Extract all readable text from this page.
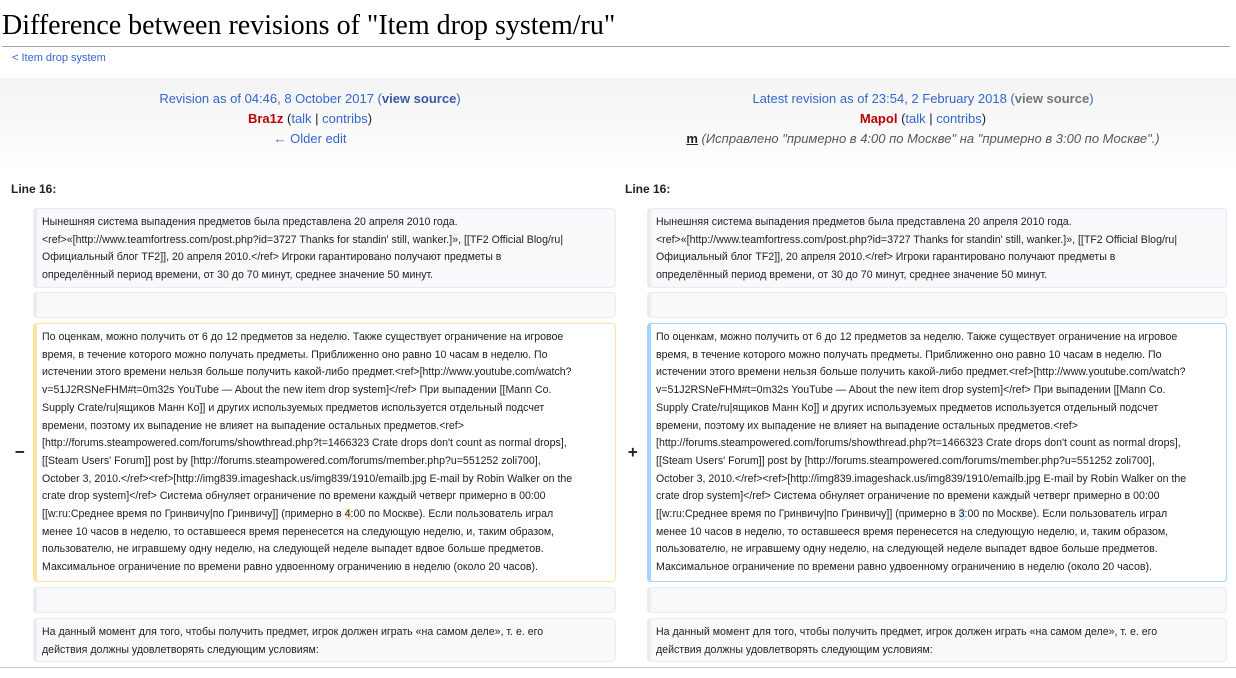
Difference between revisions of "Item drop system/ru"
< Item drop system
Revision as of 04:46, 8 October 2017 (view source)
Bra1z (talk | contribs)
← Older edit
Latest revision as of 23:54, 2 February 2018 (view source)
Mapol (talk | contribs)
m (Исправлено "примерно в 4:00 по Москве" на "примерно в 3:00 по Москве".)
Line 16:	Line 16:
Нынешняя система выпадения предметов была представлена 20 апреля 2010 года.
<ref>«[http://www.teamfortress.com/post.php?id=3727 Thanks for standin' still, wanker.]», [[TF2 Official Blog/ru|
Официальный блог TF2]], 20 апреля 2010.</ref> Игроки гарантировано получают предметы в
определённый период времени, от 30 до 70 минут, среднее значение 50 минут.
Нынешняя система выпадения предметов была представлена 20 апреля 2010 года.
<ref>«[http://www.teamfortress.com/post.php?id=3727 Thanks for standin' still, wanker.]», [[TF2 Official Blog/ru|
Официальный блог TF2]], 20 апреля 2010.</ref> Игроки гарантировано получают предметы в
определённый период времени, от 30 до 70 минут, среднее значение 50 минут.
−
По оценкам, можно получить от 6 до 12 предметов за неделю. Также существует ограничение на игровое
время, в течение которого можно получать предметы. Приближенно оно равно 10 часам в неделю. По
истечении этого времени нельзя больше получить какой-либо предмет.<ref>[http://www.youtube.com/watch?
v=51J2RSNeFHM#t=0m32s YouTube — About the new item drop system]</ref> При выпадении [[Mann Co.
Supply Crate/ru|ящиков Манн Ко]] и других используемых предметов используется отдельный подсчет
времени, поэтому их выпадение не влияет на выпадение остальных предметов.<ref>
[http://forums.steampowered.com/forums/showthread.php?t=1466323 Crate drops don't count as normal drops],
[[Steam Users' Forum]] post by [http://forums.steampowered.com/forums/member.php?u=551252 zoli700],
October 3, 2010.</ref><ref>[http://img839.imageshack.us/img839/1910/emailb.jpg E-mail by Robin Walker on the
crate drop system]</ref> Система обнуляет ограничение по времени каждый четверг примерно в 00:00
[[w:ru:Среднее время по Гринвичу|по Гринвичу]] (примерно в 4:00 по Москве). Если пользователь играл
менее 10 часов в неделю, то оставшееся время перенесется на следующую неделю, и, таким образом,
пользователю, не игравшему одну неделю, на следующей неделе выпадет вдвое больше предметов.
Максимальное ограничение по времени равно удвоенному ограничению в неделю (около 20 часов).
+
По оценкам, можно получить от 6 до 12 предметов за неделю. Также существует ограничение на игровое
время, в течение которого можно получать предметы. Приближенно оно равно 10 часам в неделю. По
истечении этого времени нельзя больше получить какой-либо предмет.<ref>[http://www.youtube.com/watch?
v=51J2RSNeFHM#t=0m32s YouTube — About the new item drop system]</ref> При выпадении [[Mann Co.
Supply Crate/ru|ящиков Манн Ко]] и других используемых предметов используется отдельный подсчет
времени, поэтому их выпадение не влияет на выпадение остальных предметов.<ref>
[http://forums.steampowered.com/forums/showthread.php?t=1466323 Crate drops don't count as normal drops],
[[Steam Users' Forum]] post by [http://forums.steampowered.com/forums/member.php?u=551252 zoli700],
October 3, 2010.</ref><ref>[http://img839.imageshack.us/img839/1910/emailb.jpg E-mail by Robin Walker on the
crate drop system]</ref> Система обнуляет ограничение по времени каждый четверг примерно в 00:00
[[w:ru:Среднее время по Гринвичу|по Гринвичу]] (примерно в 3:00 по Москве). Если пользователь играл
менее 10 часов в неделю, то оставшееся время перенесется на следующую неделю, и, таким образом,
пользователю, не игравшему одну неделю, на следующей неделе выпадет вдвое больше предметов.
Максимальное ограничение по времени равно удвоенному ограничению в неделю (около 20 часов).
На данный момент для того, чтобы получить предмет, игрок должен играть «на самом деле», т. е. его
действия должны удовлетворять следующим условиям:
На данный момент для того, чтобы получить предмет, игрок должен играть «на самом деле», т. е. его
действия должны удовлетворять следующим условиям:
